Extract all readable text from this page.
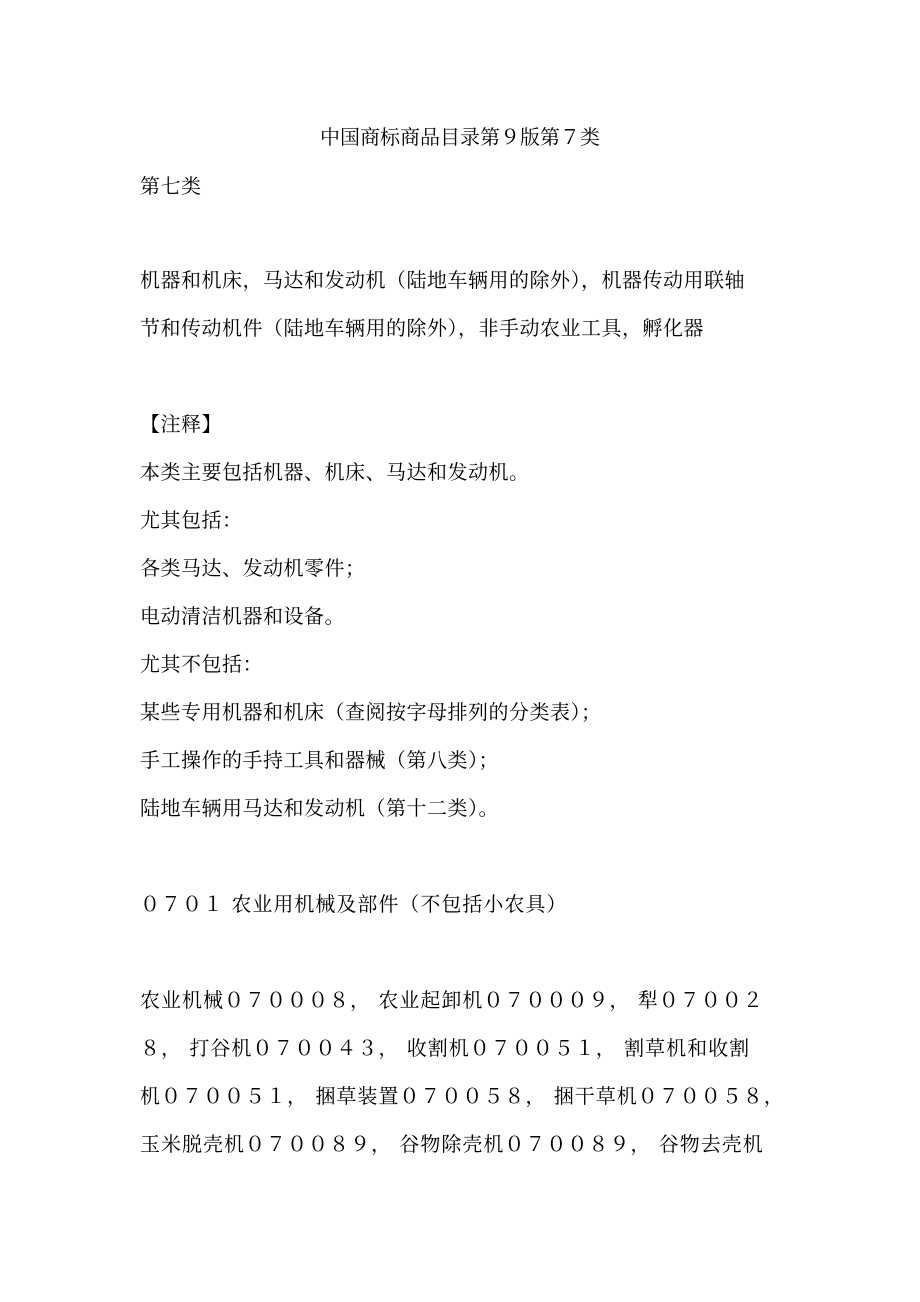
中国商标商品目录第９版第７类
第七类
机器和机床，马达和发动机（陆地车辆用的除外），机器传动用联轴
节和传动机件（陆地车辆用的除外），非手动农业工具，孵化器
【注释】
本类主要包括机器、机床、马达和发动机。
尤其包括：
各类马达、发动机零件；
电动清洁机器和设备。
尤其不包括：
某些专用机器和机床（查阅按字母排列的分类表）；
手工操作的手持工具和器械（第八类）；
陆地车辆用马达和发动机（第十二类）。
０７０１ 农业用机械及部件（不包括小农具）
农业机械０７０００８， 农业起卸机０７０００９， 犁０７００２
８， 打谷机０７００４３， 收割机０７００５１， 割草机和收割
机０７００５１， 捆草装置０７００５８， 捆干草机０７００５８，
玉米脱壳机０７００８９， 谷物除壳机０７００８９， 谷物去壳机
